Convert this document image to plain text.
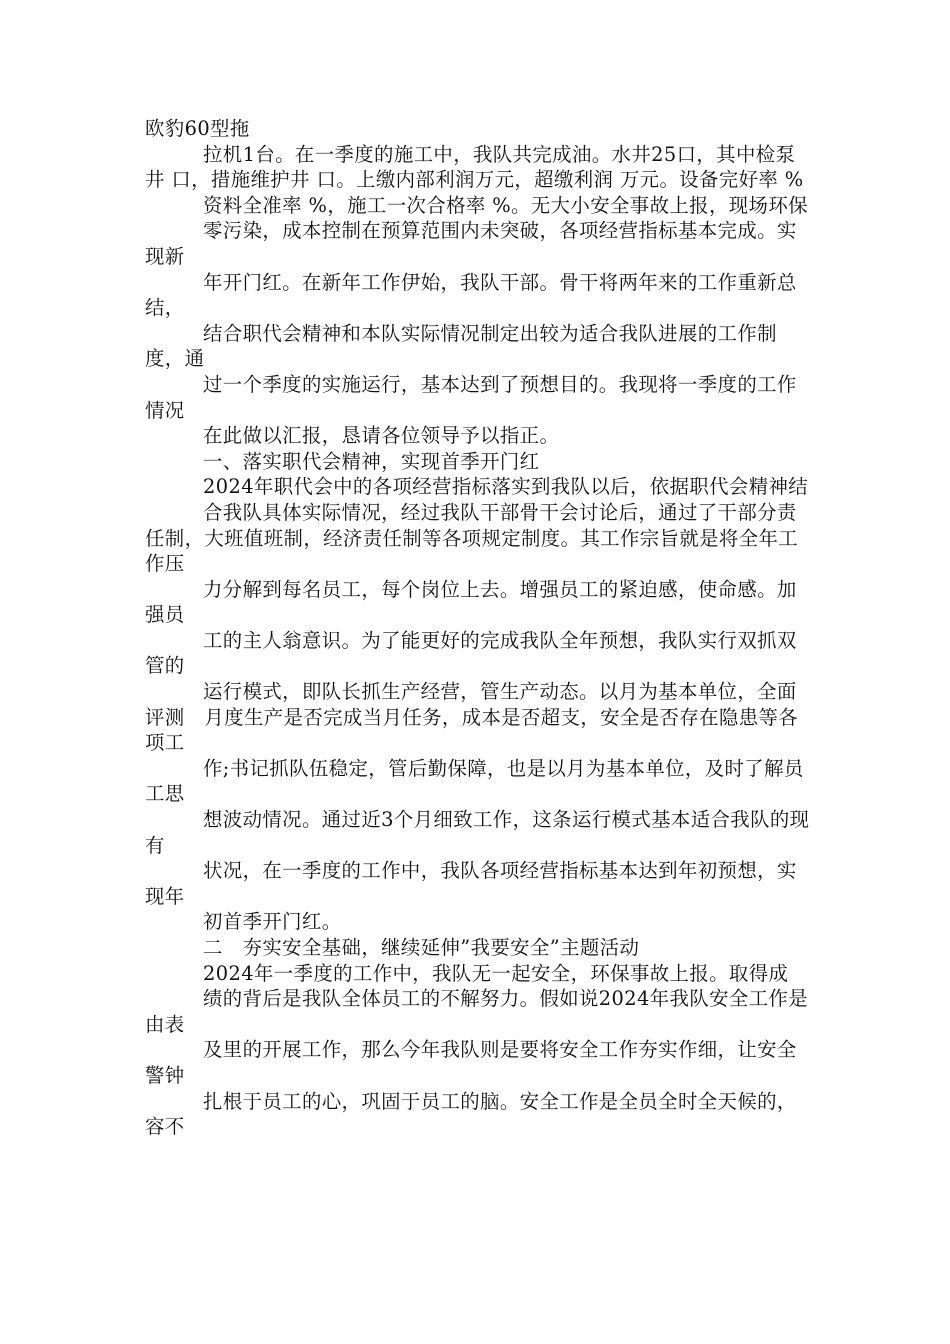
欧豹60型拖

拉机1台。在一季度的施工中，我队共完成油。水井25口，其中检泵井 口，措施维护井 口。上缴内部利润万元，超缴利润 万元。设备完好率 %

资料全准率 %，施工一次合格率 %。无大小安全事故上报，现场环保

零污染，成本控制在预算范围内未突破，各项经营指标基本完成。实现新

年开门红。在新年工作伊始，我队干部。骨干将两年来的工作重新总结，

结合职代会精神和本队实际情况制定出较为适合我队进展的工作制度，通

过一个季度的实施运行，基本达到了预想目的。我现将一季度的工作情况

在此做以汇报，恳请各位领导予以指正。

一、落实职代会精神，实现首季开门红

2024年职代会中的各项经营指标落实到我队以后，依据职代会精神结

合我队具体实际情况，经过我队干部骨干会讨论后，通过了干部分责任制，大班值班制，经济责任制等各项规定制度。其工作宗旨就是将全年工作压

力分解到每名员工，每个岗位上去。增强员工的紧迫感，使命感。加强员

工的主人翁意识。为了能更好的完成我队全年预想，我队实行双抓双管的

运行模式，即队长抓生产经营，管生产动态。以月为基本单位，全面评测　月度生产是否完成当月任务，成本是否超支，安全是否存在隐患等各项工

作;书记抓队伍稳定，管后勤保障，也是以月为基本单位，及时了解员工思

想波动情况。通过近3个月细致工作，这条运行模式基本适合我队的现有

状况，在一季度的工作中，我队各项经营指标基本达到年初预想，实现年

初首季开门红。

二　夯实安全基础，继续延伸”我要安全”主题活动

2024年一季度的工作中，我队无一起安全，环保事故上报。取得成

绩的背后是我队全体员工的不解努力。假如说2024年我队安全工作是由表

及里的开展工作，那么今年我队则是要将安全工作夯实作细，让安全警钟

扎根于员工的心，巩固于员工的脑。安全工作是全员全时全天候的，容不
